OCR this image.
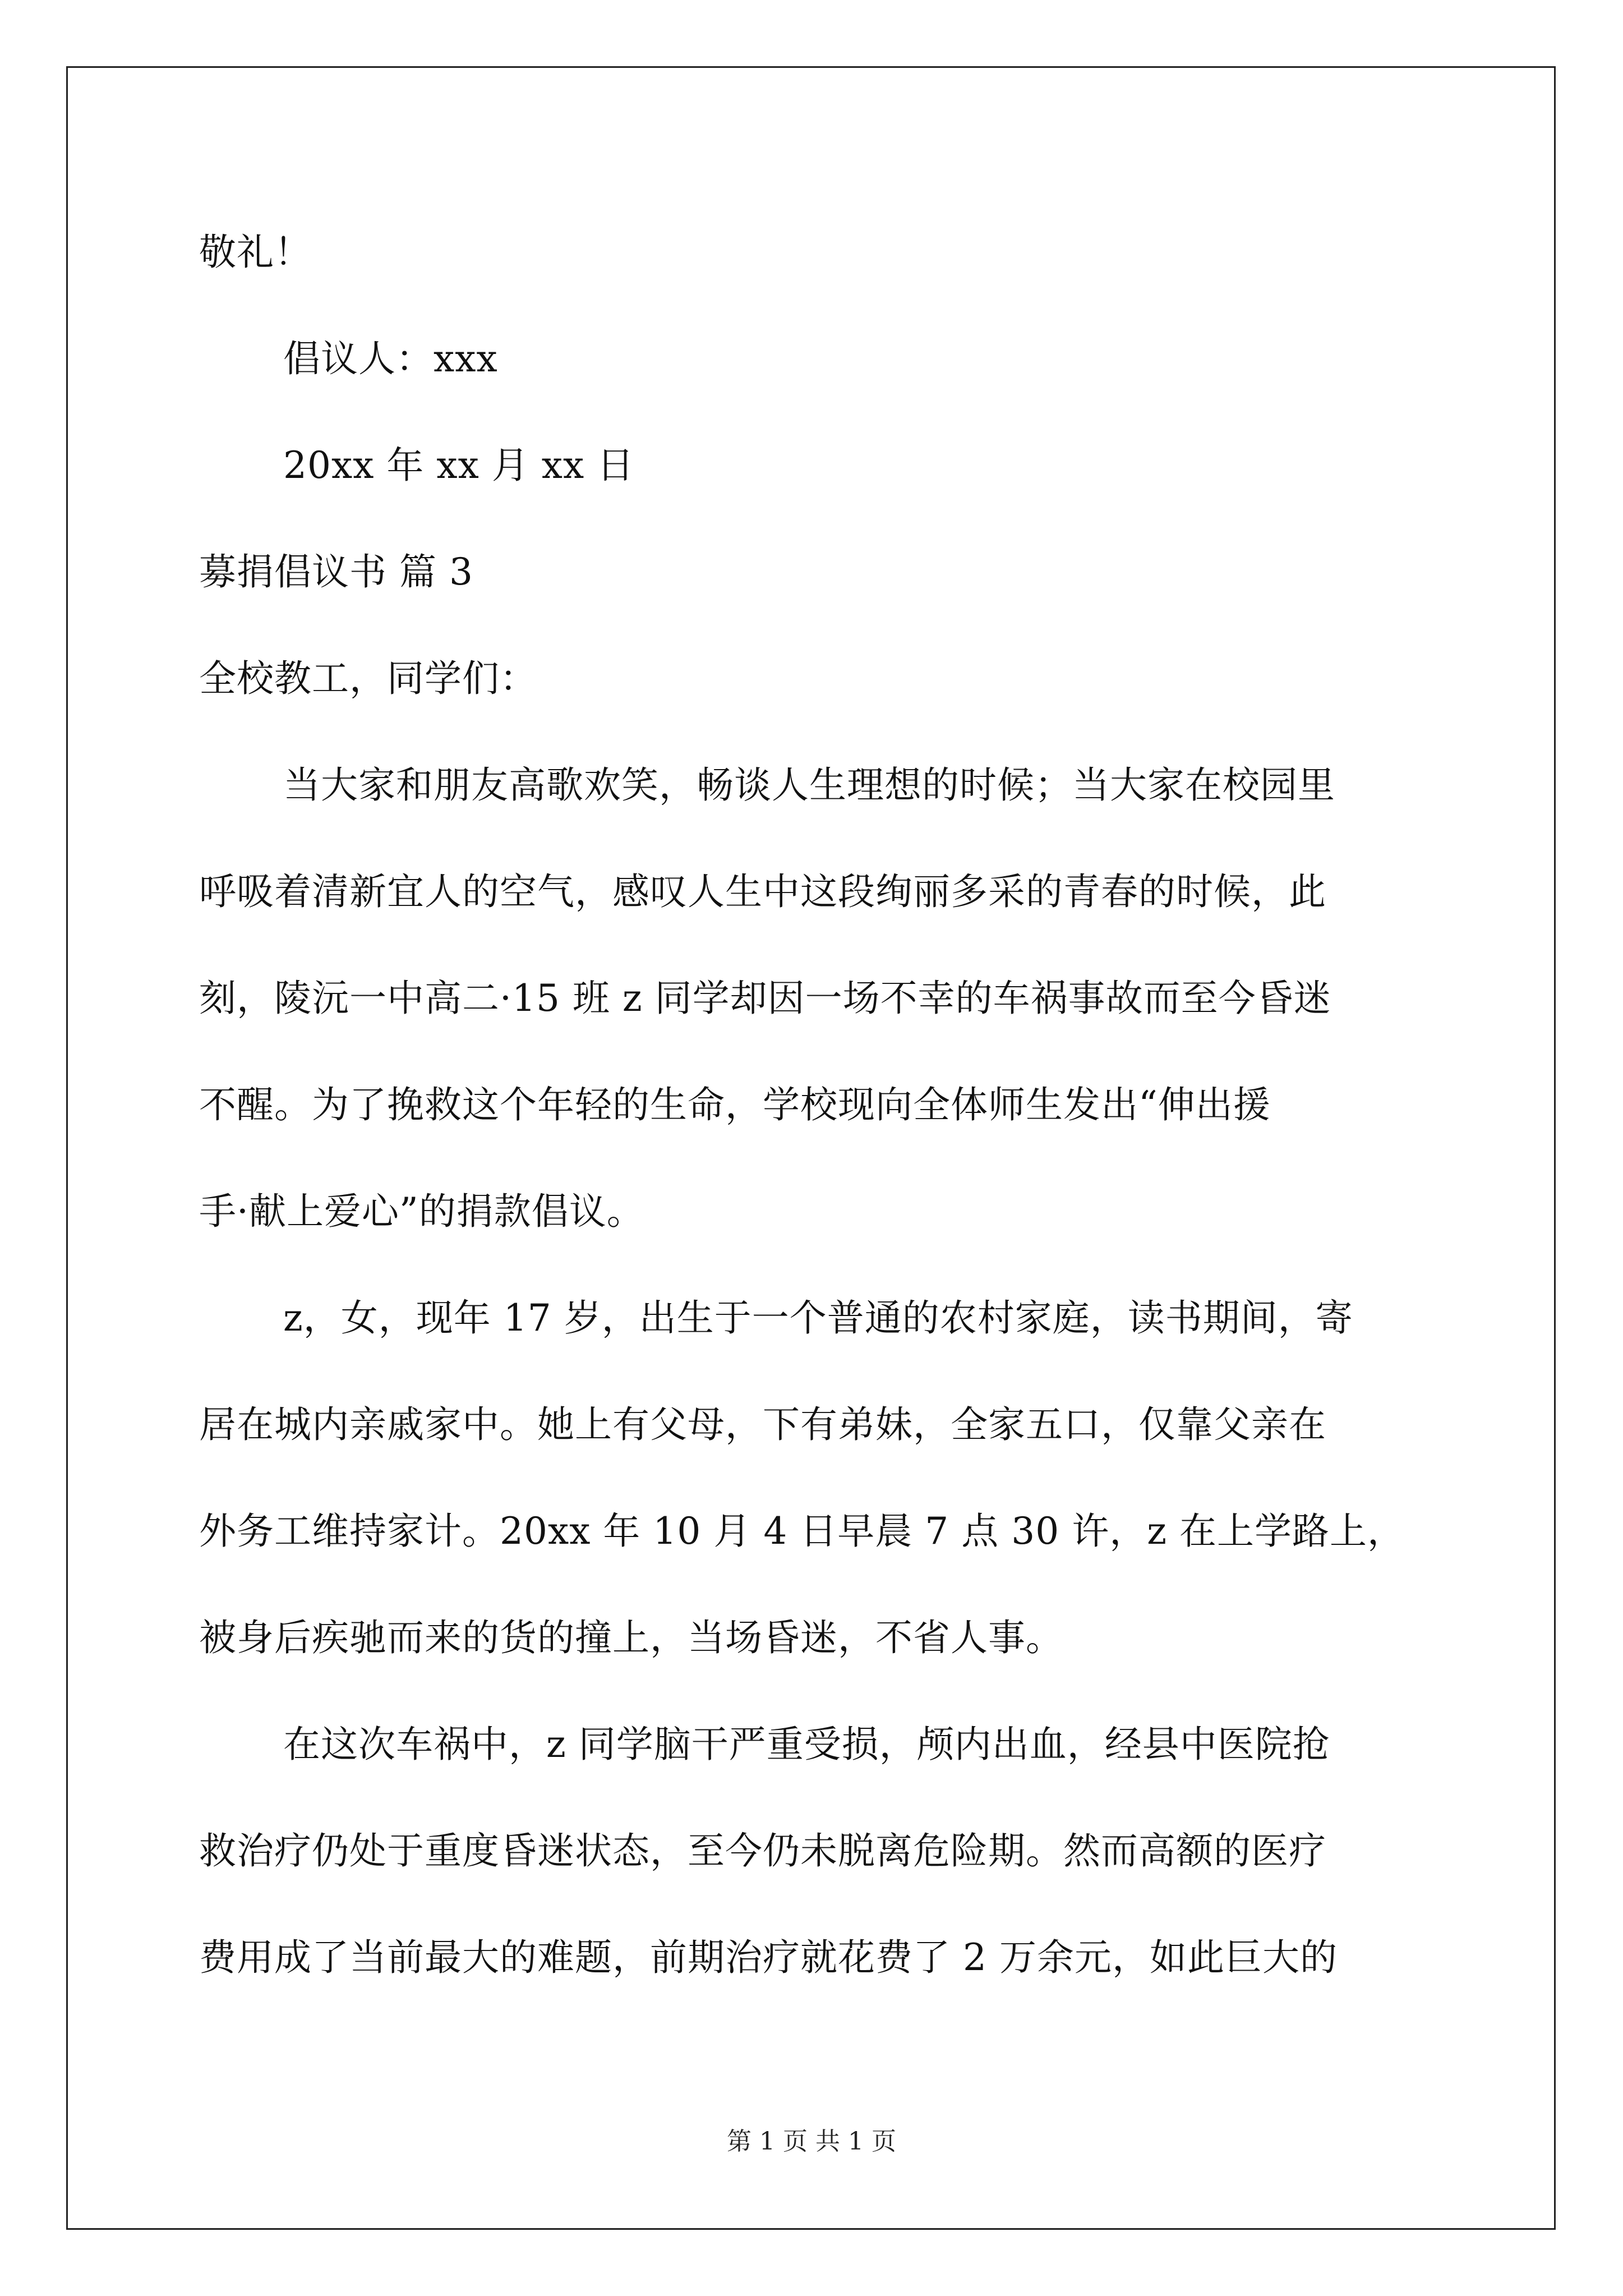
敬礼！
倡议人：xxx
20xx 年 xx 月 xx 日
募捐倡议书 篇 3
全校教工，同学们：
当大家和朋友高歌欢笑，畅谈人生理想的时候；当大家在校园里
呼吸着清新宜人的空气，感叹人生中这段绚丽多采的青春的时候，此
刻，陵沅一中高二·15 班 z 同学却因一场不幸的车祸事故而至今昏迷
不醒。为了挽救这个年轻的生命，学校现向全体师生发出“伸出援
手·献上爱心”的捐款倡议。
z，女，现年 17 岁，出生于一个普通的农村家庭，读书期间，寄
居在城内亲戚家中。她上有父母，下有弟妹，全家五口，仅靠父亲在
外务工维持家计。20xx 年 10 月 4 日早晨 7 点 30 许，z 在上学路上，
被身后疾驰而来的货的撞上，当场昏迷，不省人事。
在这次车祸中，z 同学脑干严重受损，颅内出血，经县中医院抢
救治疗仍处于重度昏迷状态，至今仍未脱离危险期。然而高额的医疗
费用成了当前最大的难题，前期治疗就花费了 2 万余元，如此巨大的
第 1 页 共 1 页
